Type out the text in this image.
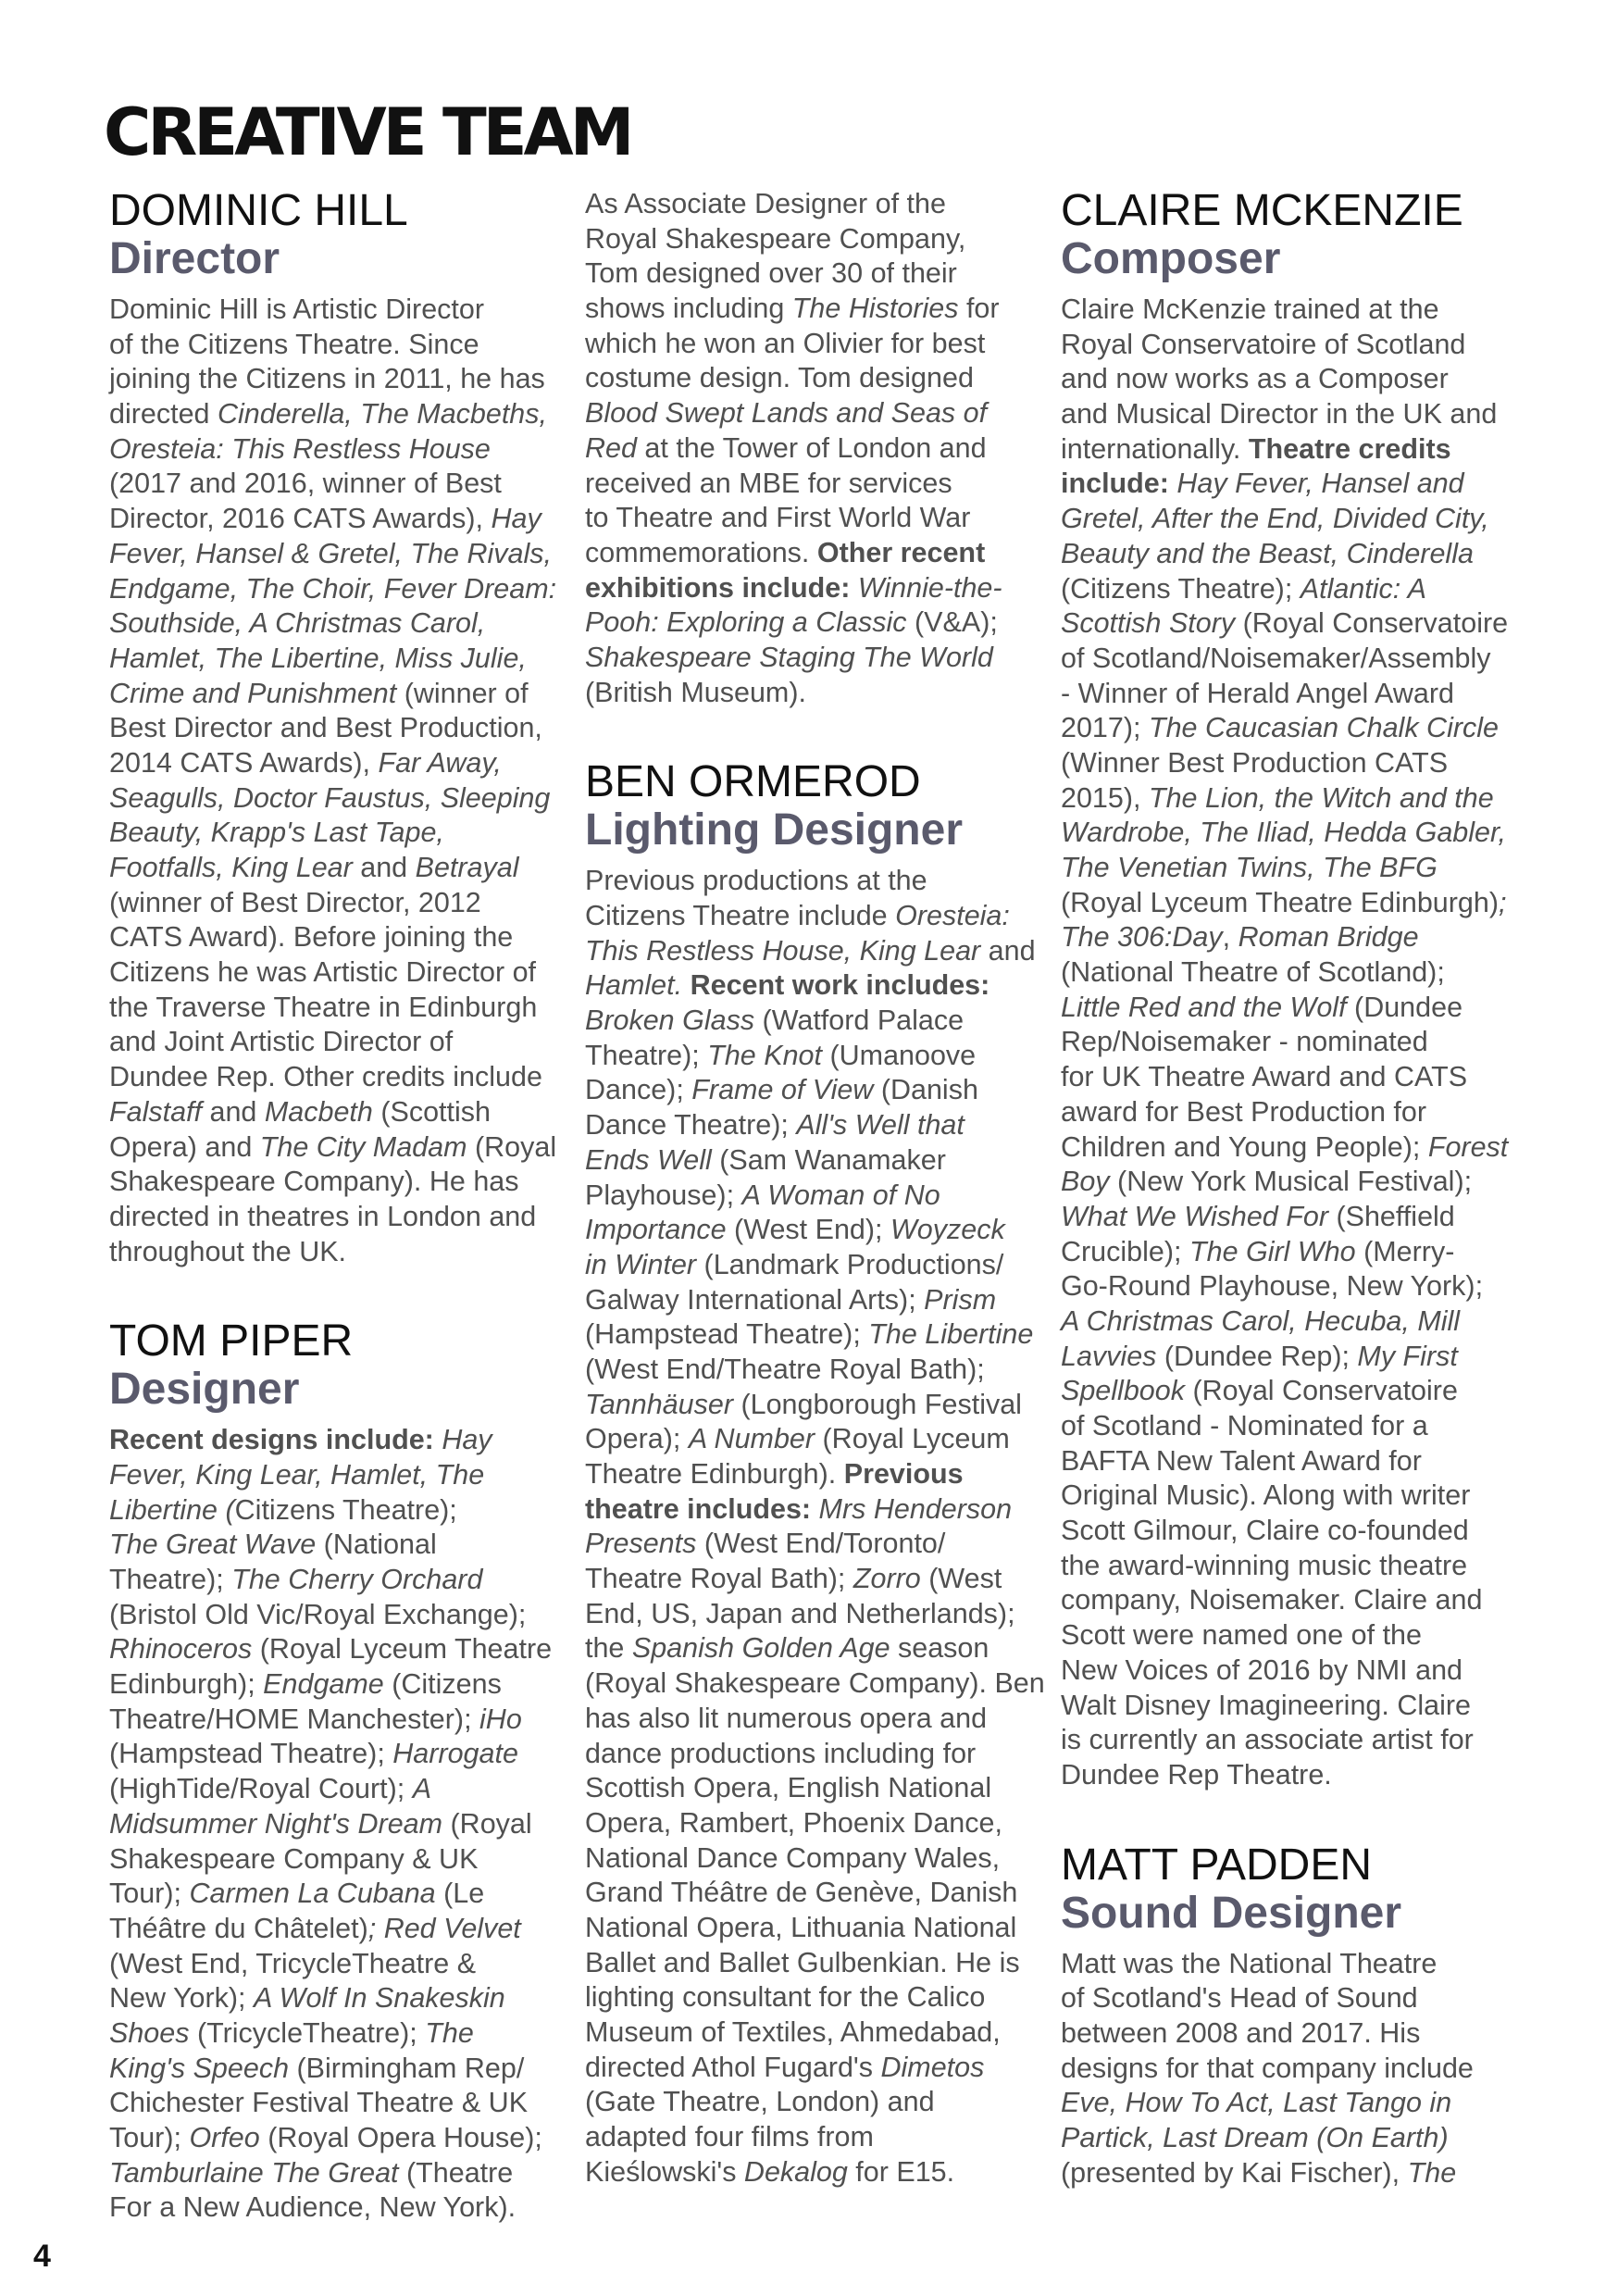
CREATIVE TEAM
DOMINIC HILL
Director
Dominic Hill is Artistic Director
of the Citizens Theatre. Since
joining the Citizens in 2011, he has
directed Cinderella, The Macbeths,
Oresteia: This Restless House
(2017 and 2016, winner of Best
Director, 2016 CATS Awards), Hay
Fever, Hansel & Gretel, The Rivals,
Endgame, The Choir, Fever Dream:
Southside, A Christmas Carol,
Hamlet, The Libertine, Miss Julie,
Crime and Punishment (winner of
Best Director and Best Production,
2014 CATS Awards), Far Away,
Seagulls, Doctor Faustus, Sleeping
Beauty, Krapp's Last Tape,
Footfalls, King Lear and Betrayal
(winner of Best Director, 2012
CATS Award). Before joining the
Citizens he was Artistic Director of
the Traverse Theatre in Edinburgh
and Joint Artistic Director of
Dundee Rep. Other credits include
Falstaff and Macbeth (Scottish
Opera) and The City Madam (Royal
Shakespeare Company). He has
directed in theatres in London and
throughout the UK.
TOM PIPER
Designer
Recent designs include: Hay
Fever, King Lear, Hamlet, The
Libertine (Citizens Theatre);
The Great Wave (National
Theatre); The Cherry Orchard
(Bristol Old Vic/Royal Exchange);
Rhinoceros (Royal Lyceum Theatre
Edinburgh); Endgame (Citizens
Theatre/HOME Manchester); iHo
(Hampstead Theatre); Harrogate
(HighTide/Royal Court); A
Midsummer Night's Dream (Royal
Shakespeare Company & UK
Tour); Carmen La Cubana (Le
Théâtre du Châtelet); Red Velvet
(West End, TricycleTheatre &
New York); A Wolf In Snakeskin
Shoes (TricycleTheatre); The
King's Speech (Birmingham Rep/
Chichester Festival Theatre & UK
Tour); Orfeo (Royal Opera House);
Tamburlaine The Great (Theatre
For a New Audience, New York).
As Associate Designer of the
Royal Shakespeare Company,
Tom designed over 30 of their
shows including The Histories for
which he won an Olivier for best
costume design. Tom designed
Blood Swept Lands and Seas of
Red at the Tower of London and
received an MBE for services
to Theatre and First World War
commemorations. Other recent
exhibitions include: Winnie-the-
Pooh: Exploring a Classic (V&A);
Shakespeare Staging The World
(British Museum).
BEN ORMEROD
Lighting Designer
Previous productions at the
Citizens Theatre include Oresteia:
This Restless House, King Lear and
Hamlet. Recent work includes:
Broken Glass (Watford Palace
Theatre); The Knot (Umanoove
Dance); Frame of View (Danish
Dance Theatre); All's Well that
Ends Well (Sam Wanamaker
Playhouse); A Woman of No
Importance (West End); Woyzeck
in Winter (Landmark Productions/
Galway International Arts); Prism
(Hampstead Theatre); The Libertine
(West End/Theatre Royal Bath);
Tannhäuser (Longborough Festival
Opera); A Number (Royal Lyceum
Theatre Edinburgh). Previous
theatre includes: Mrs Henderson
Presents (West End/Toronto/
Theatre Royal Bath); Zorro (West
End, US, Japan and Netherlands);
the Spanish Golden Age season
(Royal Shakespeare Company). Ben
has also lit numerous opera and
dance productions including for
Scottish Opera, English National
Opera, Rambert, Phoenix Dance,
National Dance Company Wales,
Grand Théâtre de Genève, Danish
National Opera, Lithuania National
Ballet and Ballet Gulbenkian. He is
lighting consultant for the Calico
Museum of Textiles, Ahmedabad,
directed Athol Fugard's Dimetos
(Gate Theatre, London) and
adapted four films from
Kieślowski's Dekalog for E15.
CLAIRE MCKENZIE
Composer
Claire McKenzie trained at the
Royal Conservatoire of Scotland
and now works as a Composer
and Musical Director in the UK and
internationally. Theatre credits
include: Hay Fever, Hansel and
Gretel, After the End, Divided City,
Beauty and the Beast, Cinderella
(Citizens Theatre); Atlantic: A
Scottish Story (Royal Conservatoire
of Scotland/Noisemaker/Assembly
- Winner of Herald Angel Award
2017); The Caucasian Chalk Circle
(Winner Best Production CATS
2015), The Lion, the Witch and the
Wardrobe, The Iliad, Hedda Gabler,
The Venetian Twins, The BFG
(Royal Lyceum Theatre Edinburgh);
The 306:Day, Roman Bridge
(National Theatre of Scotland);
Little Red and the Wolf (Dundee
Rep/Noisemaker - nominated
for UK Theatre Award and CATS
award for Best Production for
Children and Young People); Forest
Boy (New York Musical Festival);
What We Wished For (Sheffield
Crucible); The Girl Who (Merry-
Go-Round Playhouse, New York);
A Christmas Carol, Hecuba, Mill
Lavvies (Dundee Rep); My First
Spellbook (Royal Conservatoire
of Scotland - Nominated for a
BAFTA New Talent Award for
Original Music). Along with writer
Scott Gilmour, Claire co-founded
the award-winning music theatre
company, Noisemaker. Claire and
Scott were named one of the
New Voices of 2016 by NMI and
Walt Disney Imagineering. Claire
is currently an associate artist for
Dundee Rep Theatre.
MATT PADDEN
Sound Designer
Matt was the National Theatre
of Scotland's Head of Sound
between 2008 and 2017. His
designs for that company include
Eve, How To Act, Last Tango in
Partick, Last Dream (On Earth)
(presented by Kai Fischer), The
4
